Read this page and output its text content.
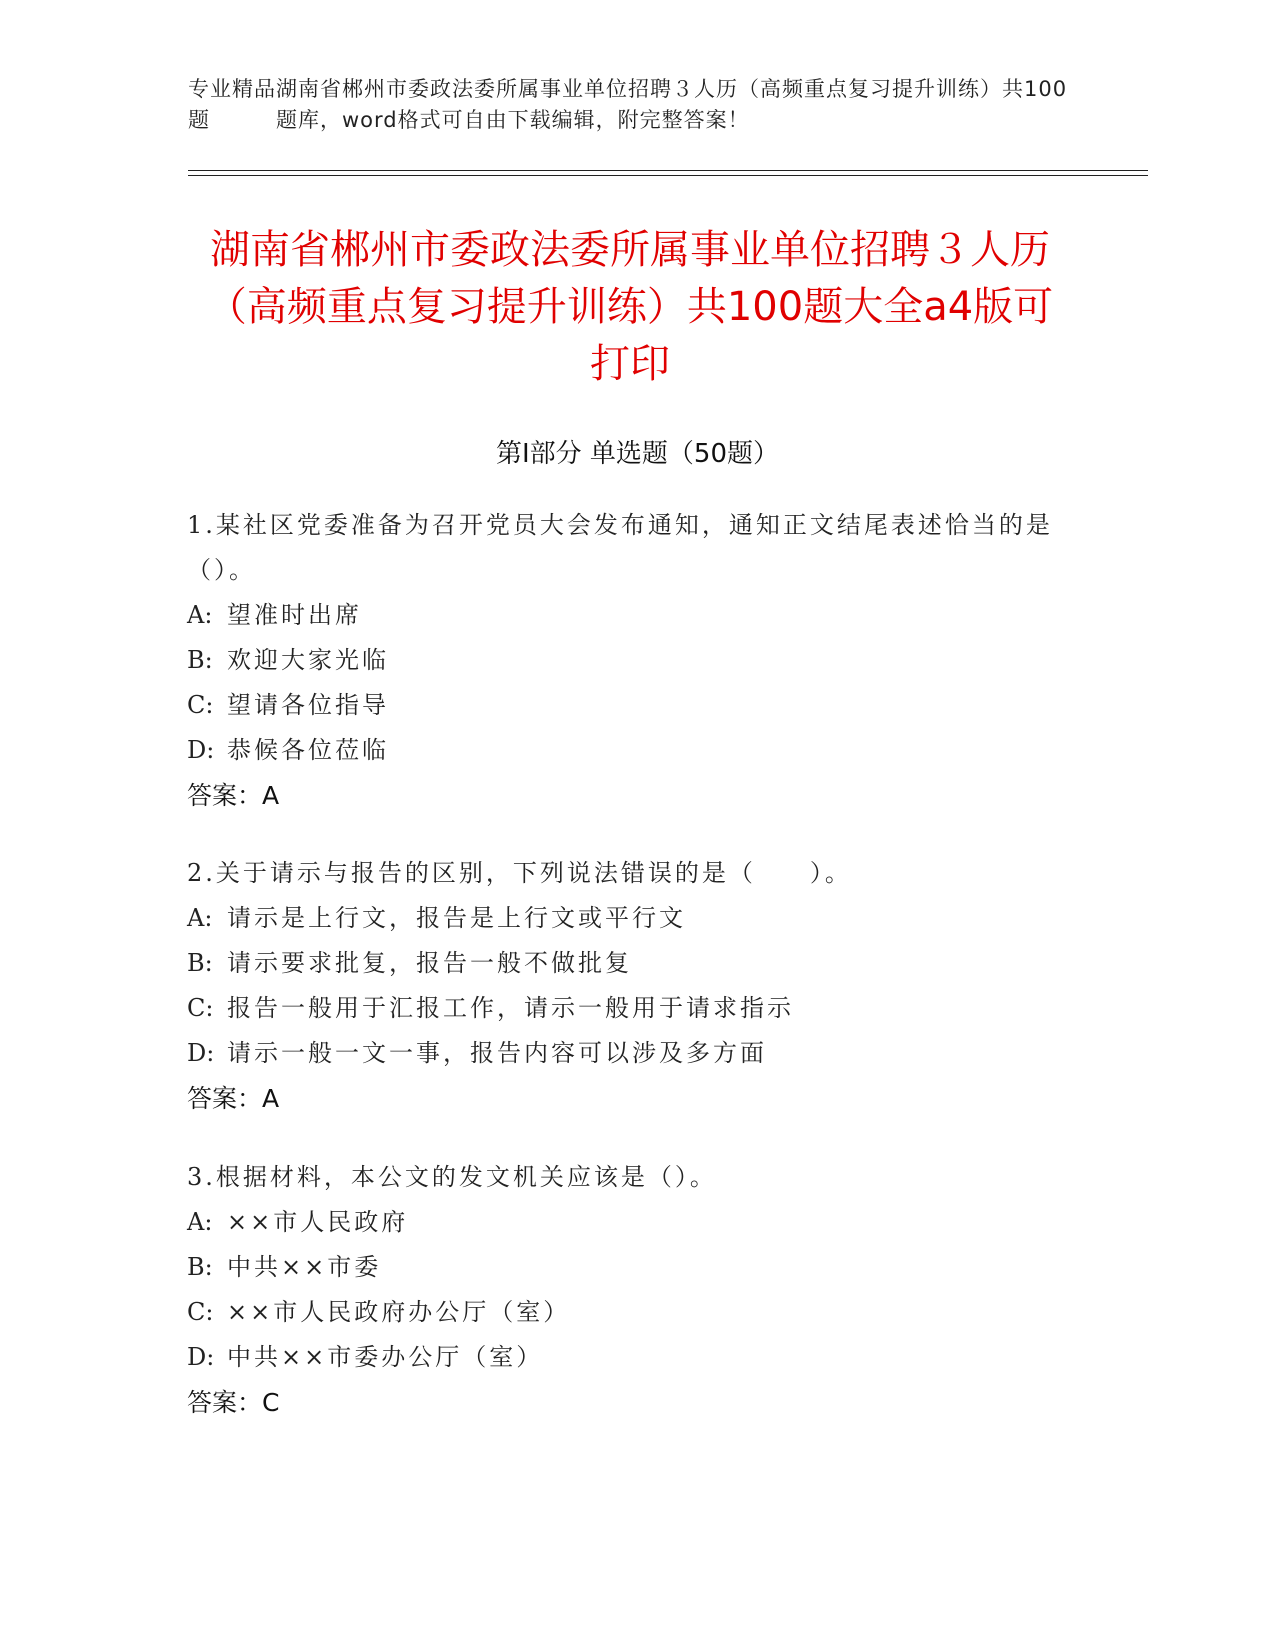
专业精品湖南省郴州市委政法委所属事业单位招聘３人历（高频重点复习提升训练）共100题　　　题库，word格式可自由下载编辑，附完整答案！
湖南省郴州市委政法委所属事业单位招聘３人历（高频重点复习提升训练）共100题大全a4版可打印
第Ⅰ部分 单选题（50题）

1.某社区党委准备为召开党员大会发布通知，通知正文结尾表述恰当的是（）。

A: 望准时出席
B: 欢迎大家光临
C: 望请各位指导
D: 恭候各位莅临
答案：A

2.关于请示与报告的区别，下列说法错误的是（　　）。

A: 请示是上行文，报告是上行文或平行文
B: 请示要求批复，报告一般不做批复
C: 报告一般用于汇报工作，请示一般用于请求指示
D: 请示一般一文一事，报告内容可以涉及多方面
答案：A

3.根据材料，本公文的发文机关应该是（）。

A: ××市人民政府
B: 中共××市委
C: ××市人民政府办公厅（室）
D: 中共××市委办公厅（室）
答案：C
